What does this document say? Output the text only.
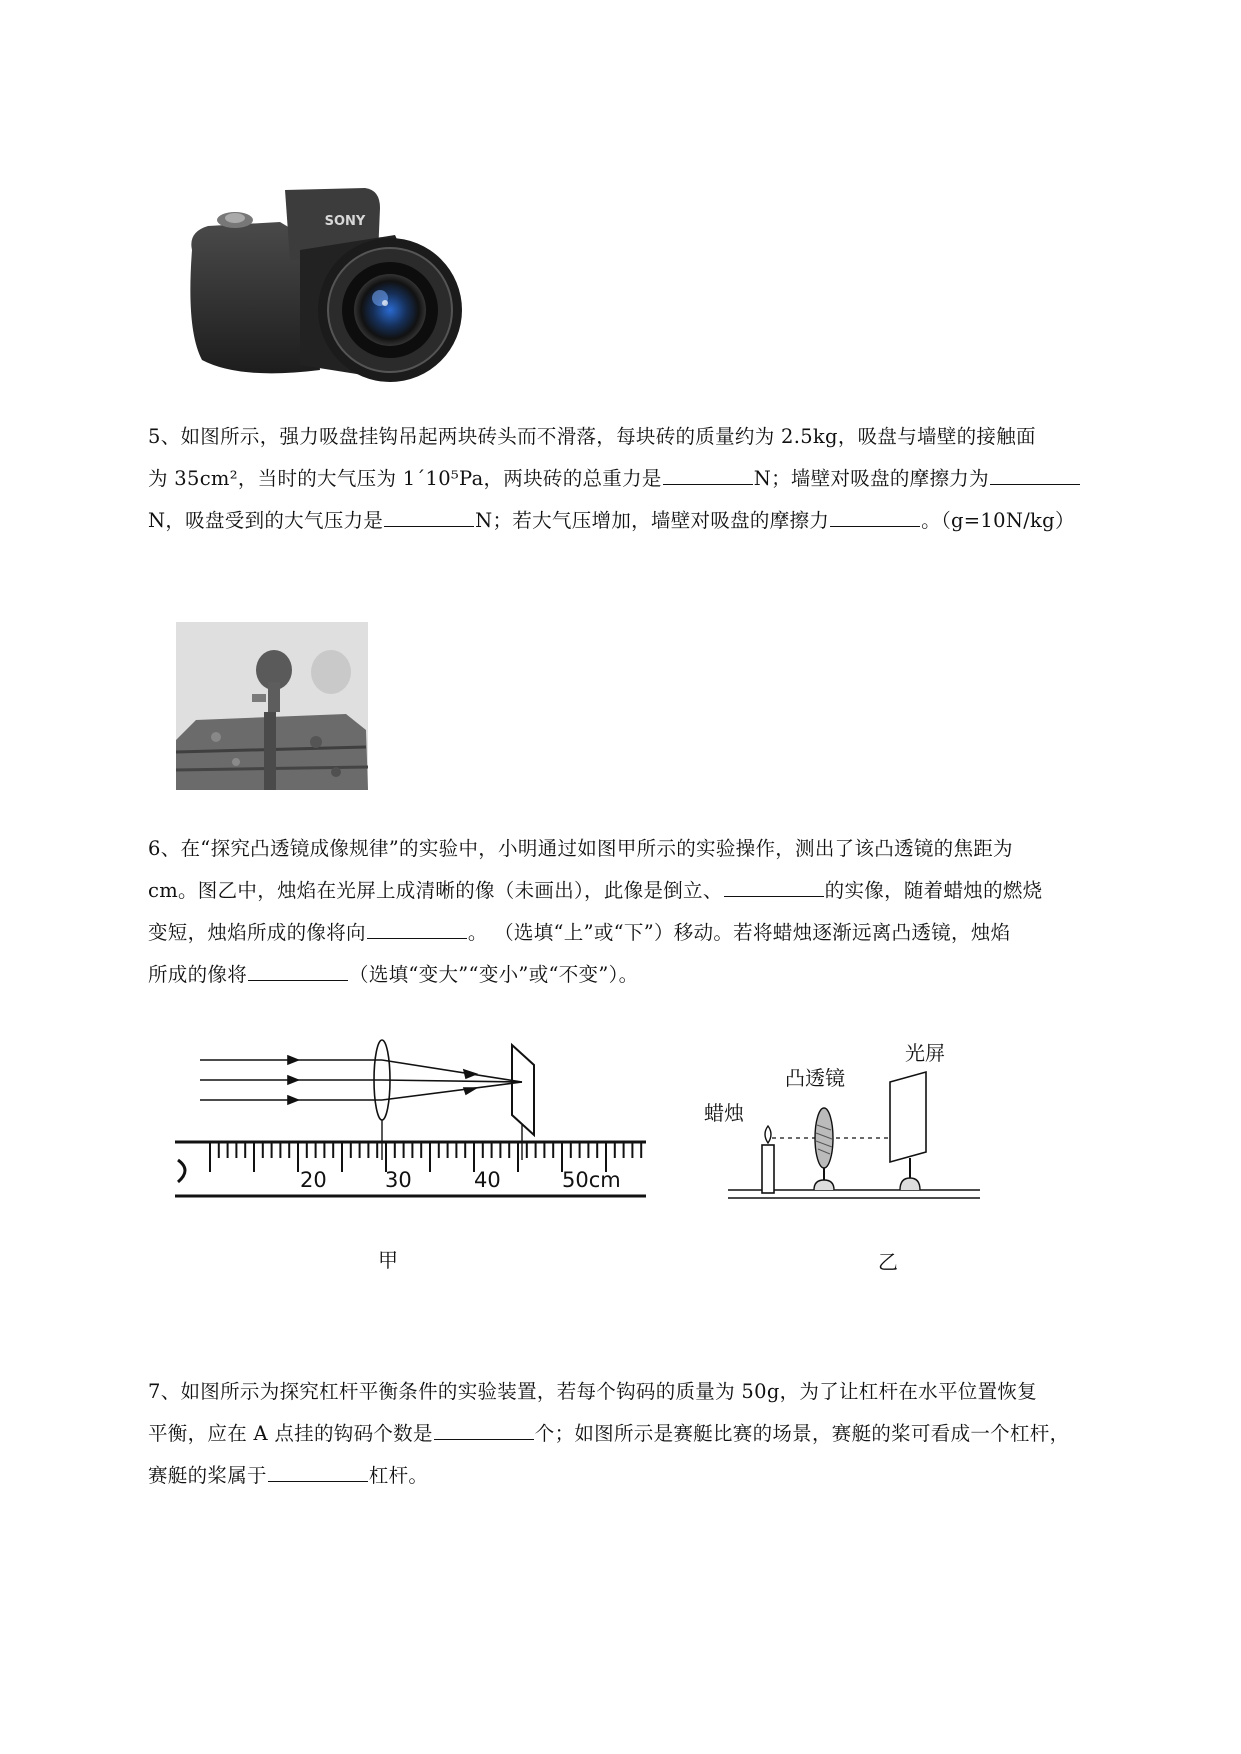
SONY
5、如图所示，强力吸盘挂钩吊起两块砖头而不滑落，每块砖的质量约为 2.5kg，吸盘与墙壁的接触面
为 35cm²，当时的大气压为 1´10⁵Pa，两块砖的总重力是	N；墙壁对吸盘的摩擦力为
N，吸盘受到的大气压力是	N；若大气压增加，墙壁对吸盘的摩擦力	。（g=10N/kg）
6、在“探究凸透镜成像规律”的实验中，小明通过如图甲所示的实验操作，测出了该凸透镜的焦距为
cm。图乙中，烛焰在光屏上成清晰的像（未画出），此像是倒立、	的实像，随着蜡烛的燃烧
变短，烛焰所成的像将向	。 （选填“上”或“下”）移动。若将蜡烛逐渐远离凸透镜，烛焰
所成的像将	（选填“变大”“变小”或“不变”）。
20	30	40	50cm
甲
光屏
凸透镜
蜡烛
乙
7、如图所示为探究杠杆平衡条件的实验装置，若每个钩码的质量为 50g，为了让杠杆在水平位置恢复
平衡，应在 A 点挂的钩码个数是	个；如图所示是赛艇比赛的场景，赛艇的桨可看成一个杠杆，
赛艇的桨属于	杠杆。
